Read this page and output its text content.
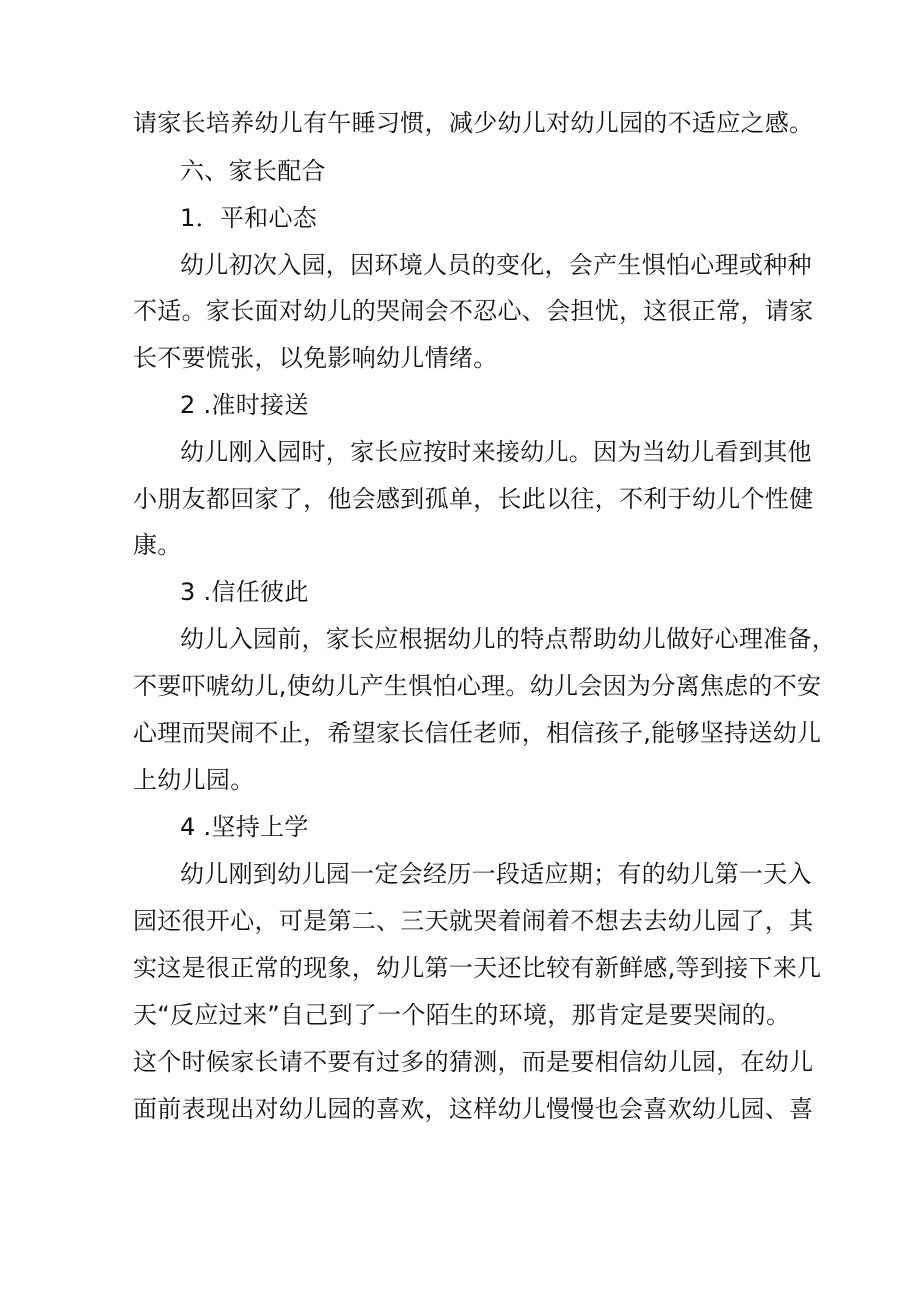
请家长培养幼儿有午睡习惯，减少幼儿对幼儿园的不适应之感。
六、家长配合
1．平和心态
幼儿初次入园，因环境人员的变化，会产生惧怕心理或种种
不适。家长面对幼儿的哭闹会不忍心、会担忧，这很正常，请家
长不要慌张，以免影响幼儿情绪。
2 .准时接送
幼儿刚入园时，家长应按时来接幼儿。因为当幼儿看到其他
小朋友都回家了，他会感到孤单，长此以往，不利于幼儿个性健
康。
3 .信任彼此
幼儿入园前，家长应根据幼儿的特点帮助幼儿做好心理准备，
不要吓唬幼儿,使幼儿产生惧怕心理。幼儿会因为分离焦虑的不安
心理而哭闹不止，希望家长信任老师，相信孩子,能够坚持送幼儿
上幼儿园。
4 .坚持上学
幼儿刚到幼儿园一定会经历一段适应期；有的幼儿第一天入
园还很开心，可是第二、三天就哭着闹着不想去去幼儿园了，其
实这是很正常的现象，幼儿第一天还比较有新鲜感,等到接下来几
天“反应过来”自己到了一个陌生的环境，那肯定是要哭闹的。
这个时候家长请不要有过多的猜测，而是要相信幼儿园，在幼儿
面前表现出对幼儿园的喜欢，这样幼儿慢慢也会喜欢幼儿园、喜
